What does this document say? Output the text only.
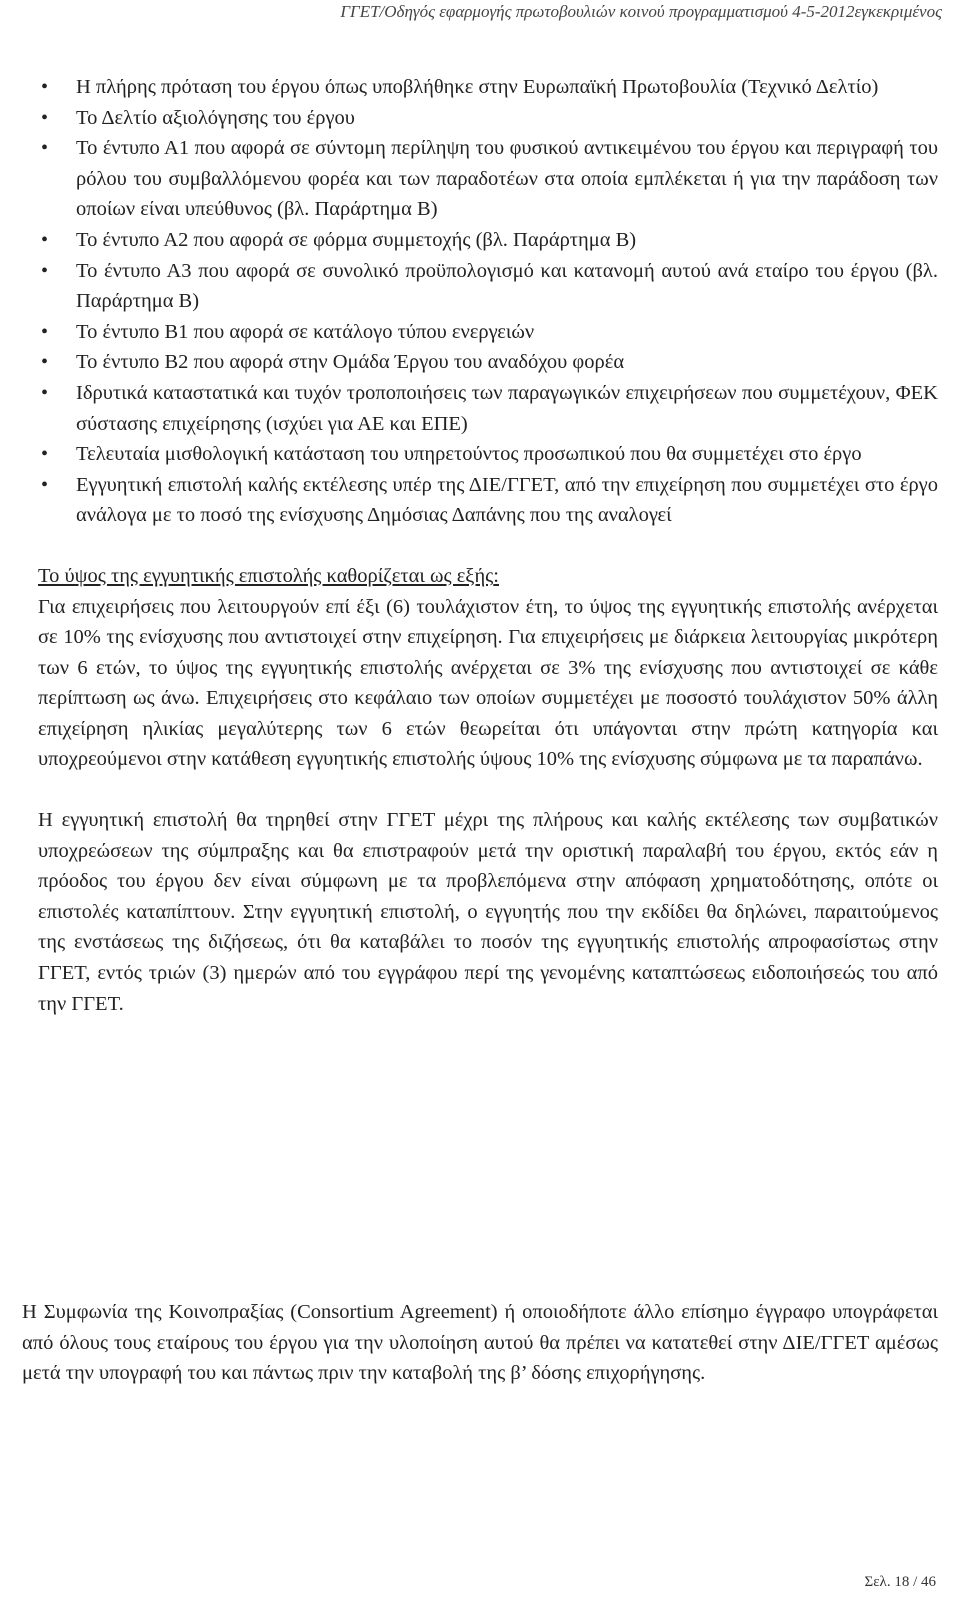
ΓΓΕΤ/Οδηγός εφαρμογής πρωτοβουλιών κοινού προγραμματισμού 4-5-2012εγκεκριμένος
• Η πλήρης πρόταση του έργου όπως υποβλήθηκε στην Ευρωπαϊκή Πρωτοβουλία (Τεχνικό Δελτίο)
• Το Δελτίο αξιολόγησης του έργου
• Το έντυπο Α1 που αφορά σε σύντομη περίληψη του φυσικού αντικειμένου του έργου και περιγραφή του ρόλου του συμβαλλόμενου φορέα και των παραδοτέων στα οποία εμπλέκεται ή για την παράδοση των οποίων είναι υπεύθυνος (βλ. Παράρτημα Β)
• Το έντυπο Α2 που αφορά σε φόρμα συμμετοχής (βλ. Παράρτημα Β)
• Το έντυπο Α3 που αφορά σε συνολικό προϋπολογισμό και κατανομή αυτού ανά εταίρο του έργου (βλ. Παράρτημα Β)
• Το έντυπο Β1 που αφορά σε κατάλογο τύπου ενεργειών
• Το έντυπο Β2 που αφορά στην Ομάδα Έργου του αναδόχου φορέα
• Ιδρυτικά καταστατικά και τυχόν τροποποιήσεις των παραγωγικών επιχειρήσεων που συμμετέχουν, ΦΕΚ σύστασης επιχείρησης (ισχύει για ΑΕ και ΕΠΕ)
• Τελευταία μισθολογική κατάσταση του υπηρετούντος προσωπικού που θα συμμετέχει στο έργο
• Εγγυητική επιστολή καλής εκτέλεσης υπέρ της ΔΙΕ/ΓΓΕΤ, από την επιχείρηση που συμμετέχει στο έργο ανάλογα με το ποσό της ενίσχυσης Δημόσιας Δαπάνης που της αναλογεί
Το ύψος της εγγυητικής επιστολής καθορίζεται ως εξής:

Για επιχειρήσεις που λειτουργούν επί έξι (6) τουλάχιστον έτη, το ύψος της εγγυητικής επιστολής ανέρχεται σε 10% της ενίσχυσης που αντιστοιχεί στην επιχείρηση. Για επιχειρήσεις με διάρκεια λειτουργίας μικρότερη των 6 ετών, το ύψος της εγγυητικής επιστολής ανέρχεται σε 3% της ενίσχυσης που αντιστοιχεί σε κάθε περίπτωση ως άνω. Επιχειρήσεις στο κεφάλαιο των οποίων συμμετέχει με ποσοστό τουλάχιστον 50% άλλη επιχείρηση ηλικίας μεγαλύτερης των 6 ετών θεωρείται ότι υπάγονται στην πρώτη κατηγορία και υποχρεούμενοι στην κατάθεση εγγυητικής επιστολής ύψους 10% της ενίσχυσης σύμφωνα με τα παραπάνω.

Η εγγυητική επιστολή θα τηρηθεί στην ΓΓΕΤ μέχρι της πλήρους και καλής εκτέλεσης των συμβατικών υποχρεώσεων της σύμπραξης και θα επιστραφούν μετά την οριστική παραλαβή του έργου, εκτός εάν η πρόοδος του έργου δεν είναι σύμφωνη με τα προβλεπόμενα στην απόφαση χρηματοδότησης, οπότε οι επιστολές καταπίπτουν. Στην εγγυητική επιστολή, ο εγγυητής που την εκδίδει θα δηλώνει, παραιτούμενος της ενστάσεως της διζήσεως, ότι θα καταβάλει το ποσόν της εγγυητικής επιστολής απροφασίστως στην ΓΓΕΤ, εντός τριών (3) ημερών από του εγγράφου περί της γενομένης καταπτώσεως ειδοποιήσεώς του από την ΓΓΕΤ.

Η Συμφωνία της Κοινοπραξίας (Consortium Agreement) ή οποιοδήποτε άλλο επίσημο έγγραφο υπογράφεται από όλους τους εταίρους του έργου για την υλοποίηση αυτού θα πρέπει να κατατεθεί στην ΔΙΕ/ΓΓΕΤ αμέσως μετά την υπογραφή του και πάντως πριν την καταβολή της β’ δόσης επιχορήγησης.

Σελ. 18 / 46
